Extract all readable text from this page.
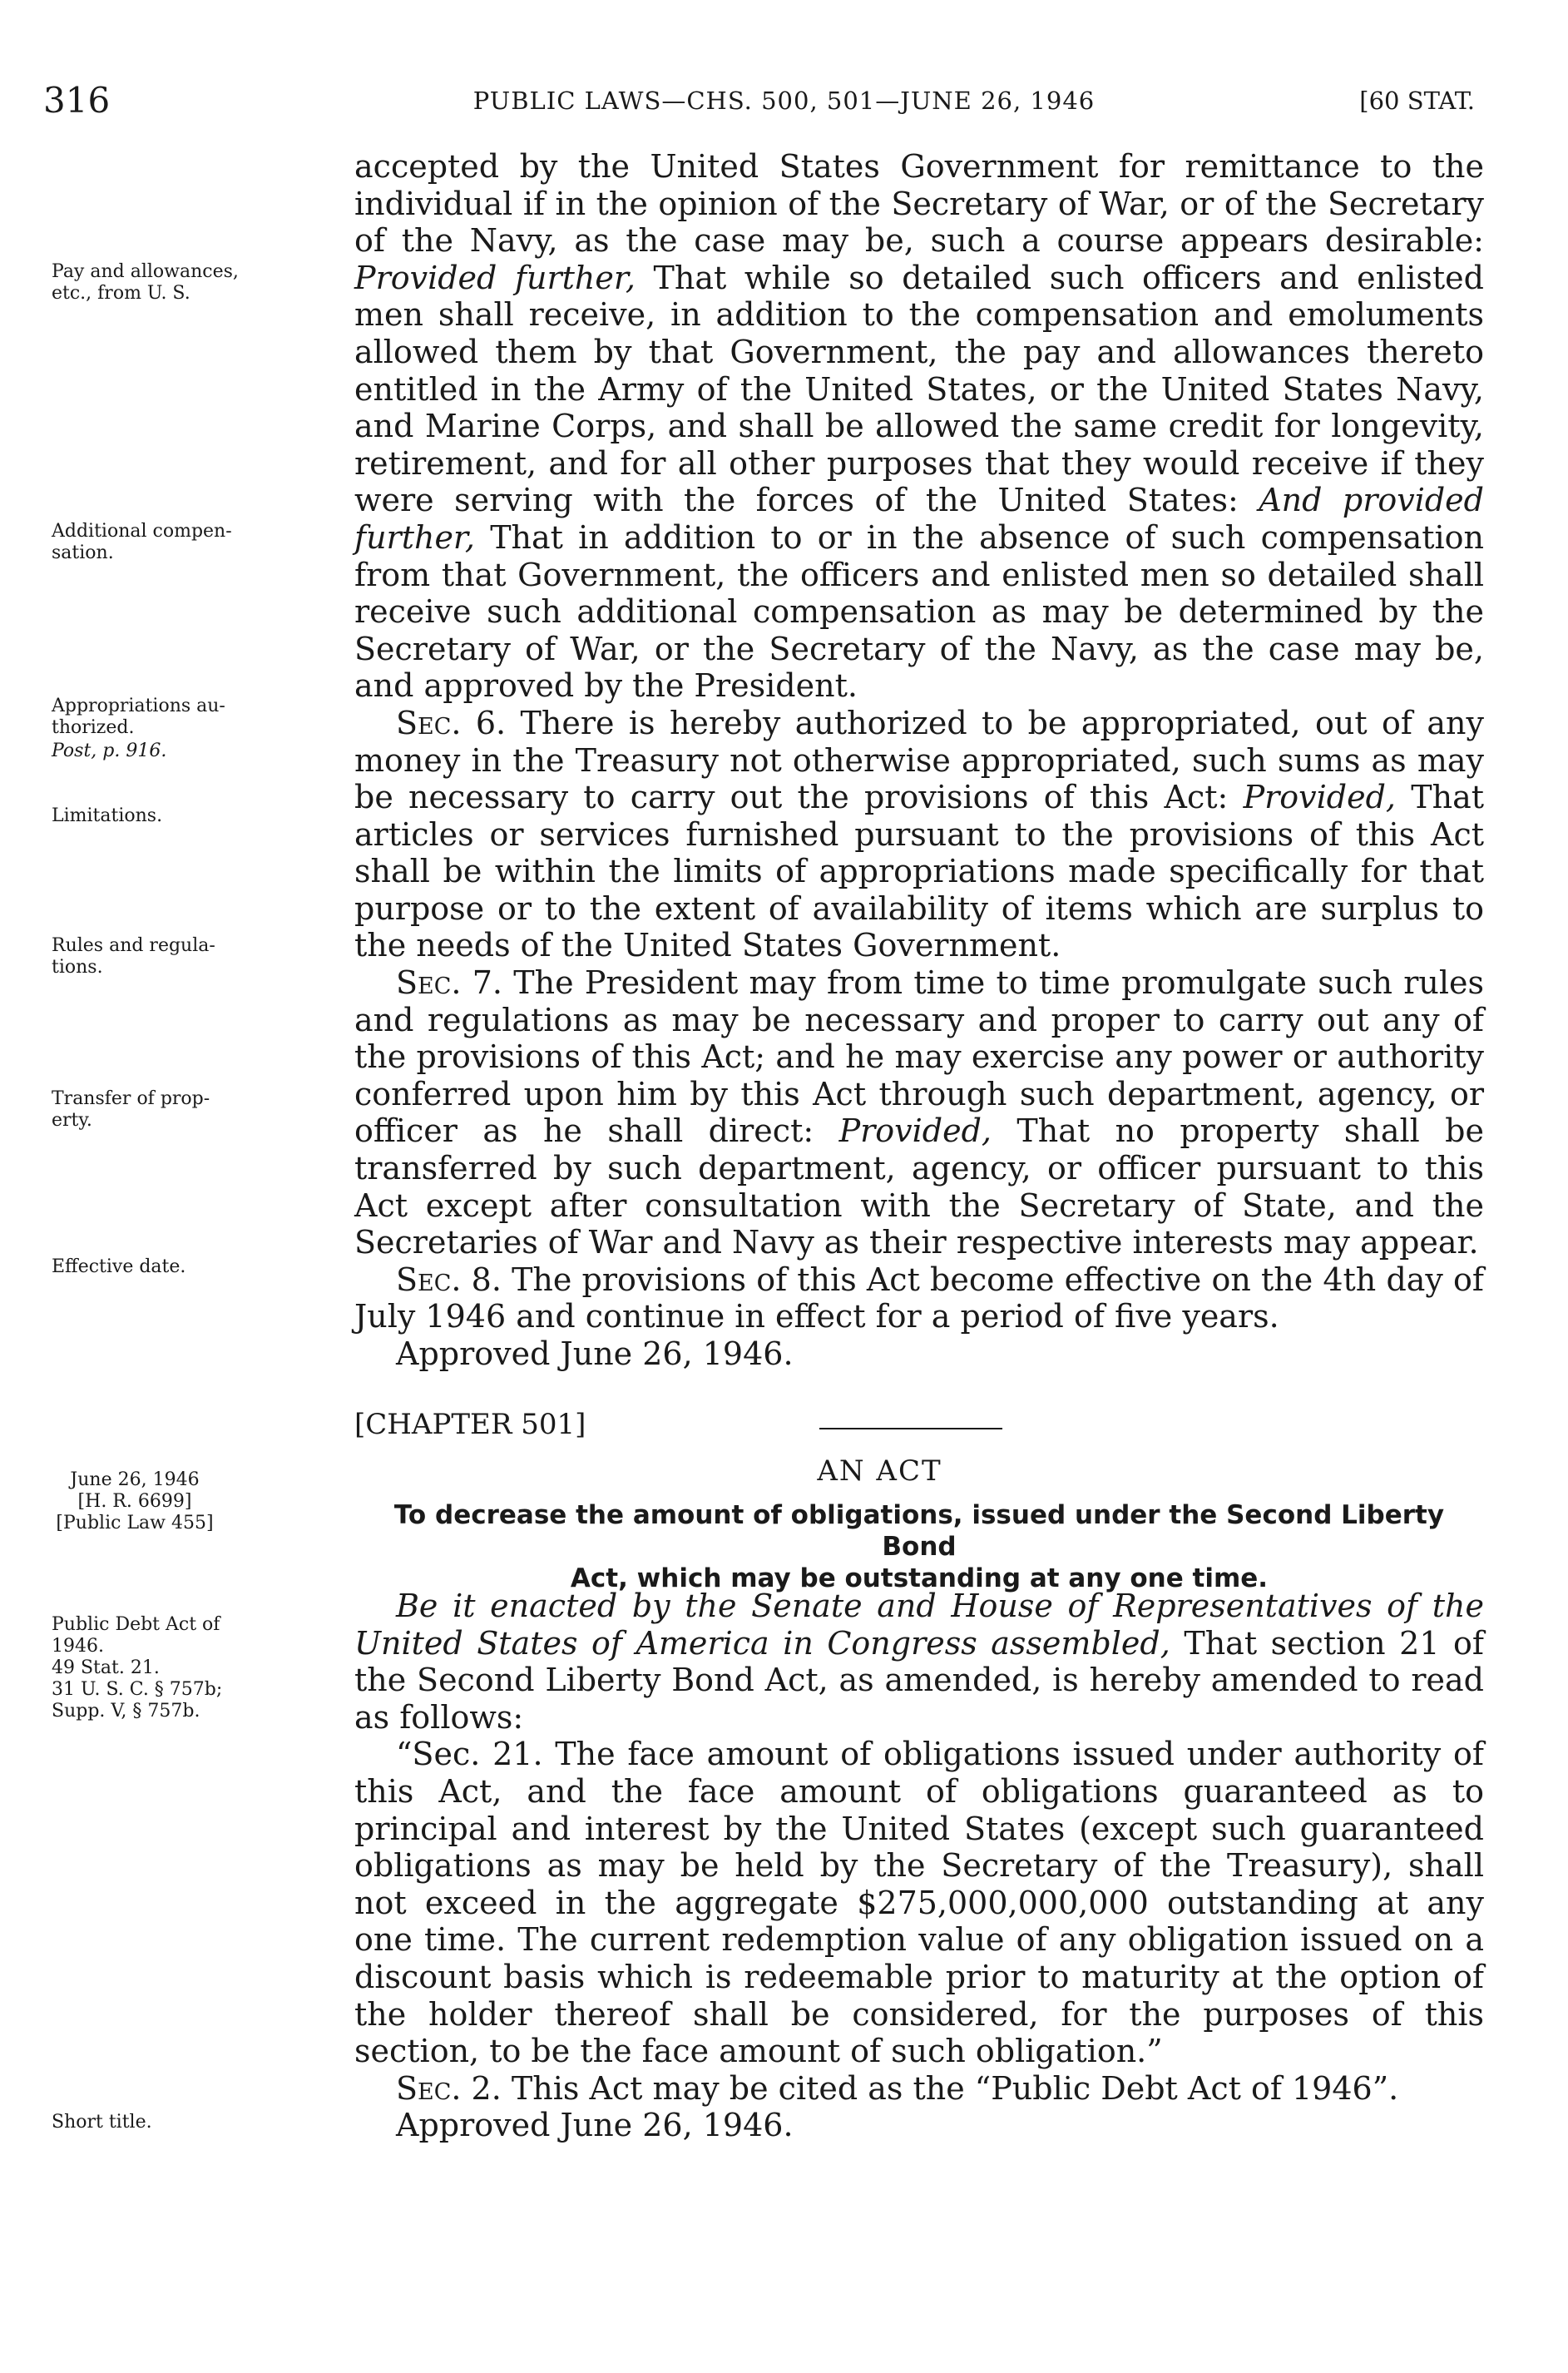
316	PUBLIC LAWS—CHS. 500, 501—JUNE 26, 1946	[60 STAT.
Pay and allowances,
etc., from U. S.
Additional compen-
sation.
Appropriations au-
thorized.
Post, p. 916.
Limitations.
Rules and regula-
tions.
Transfer of prop-
erty.
Effective date.
June 26, 1946
[H. R. 6699]
[Public Law 455]
Public Debt Act of
1946.
49 Stat. 21.
31 U. S. C. § 757b;
Supp. V, § 757b.
Short title.

accepted by the United States Government for remittance to the individual if in the opinion of the Secretary of War, or of the Secretary of the Navy, as the case may be, such a course appears desirable: Provided further, That while so detailed such officers and enlisted men shall receive, in addition to the compensation and emoluments allowed them by that Government, the pay and allowances thereto entitled in the Army of the United States, or the United States Navy, and Marine Corps, and shall be allowed the same credit for longevity, retirement, and for all other purposes that they would receive if they were serving with the forces of the United States: And provided further, That in addition to or in the absence of such compensation from that Government, the officers and enlisted men so detailed shall receive such additional compensation as may be determined by the Secretary of War, or the Secretary of the Navy, as the case may be, and approved by the President.

Sec. 6. There is hereby authorized to be appropriated, out of any money in the Treasury not otherwise appropriated, such sums as may be necessary to carry out the provisions of this Act: Provided, That articles or services furnished pursuant to the provisions of this Act shall be within the limits of appropriations made specifically for that purpose or to the extent of availability of items which are surplus to the needs of the United States Government.

Sec. 7. The President may from time to time promulgate such rules and regulations as may be necessary and proper to carry out any of the provisions of this Act; and he may exercise any power or authority conferred upon him by this Act through such department, agency, or officer as he shall direct: Provided, That no property shall be transferred by such department, agency, or officer pursuant to this Act except after consultation with the Secretary of State, and the Secretaries of War and Navy as their respective interests may appear.

Sec. 8. The provisions of this Act become effective on the 4th day of July 1946 and continue in effect for a period of five years.

Approved June 26, 1946.

[CHAPTER 501]
AN ACT
To decrease the amount of obligations, issued under the Second Liberty Bond
Act, which may be outstanding at any one time.

Be it enacted by the Senate and House of Representatives of the United States of America in Congress assembled, That section 21 of the Second Liberty Bond Act, as amended, is hereby amended to read as follows:

“Sec. 21. The face amount of obligations issued under authority of this Act, and the face amount of obligations guaranteed as to principal and interest by the United States (except such guaranteed obligations as may be held by the Secretary of the Treasury), shall not exceed in the aggregate $275,000,000,000 outstanding at any one time. The current redemption value of any obligation issued on a discount basis which is redeemable prior to maturity at the option of the holder thereof shall be considered, for the purposes of this section, to be the face amount of such obligation.”

Sec. 2. This Act may be cited as the “Public Debt Act of 1946”.

Approved June 26, 1946.
